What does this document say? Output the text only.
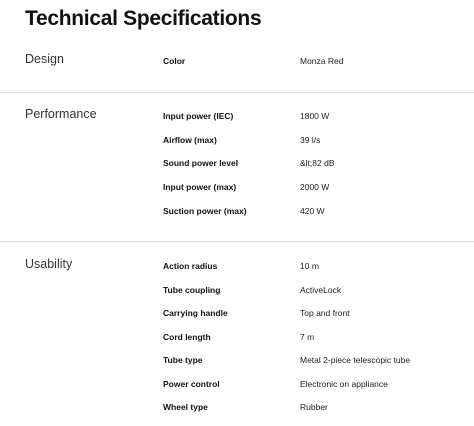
Technical Specifications
Design	Color	Monza Red
Performance	Input power (IEC)	1800 W
Airflow (max)	39 l/s
Sound power level	&lt;82 dB
Input power (max)	2000 W
Suction power (max)	420 W
Usability	Action radius	10 m
Tube coupling	ActiveLock
Carrying handle	Top and front
Cord length	7 m
Tube type	Metal 2-piece telescopic tube
Power control	Electronic on appliance
Wheel type	Rubber
